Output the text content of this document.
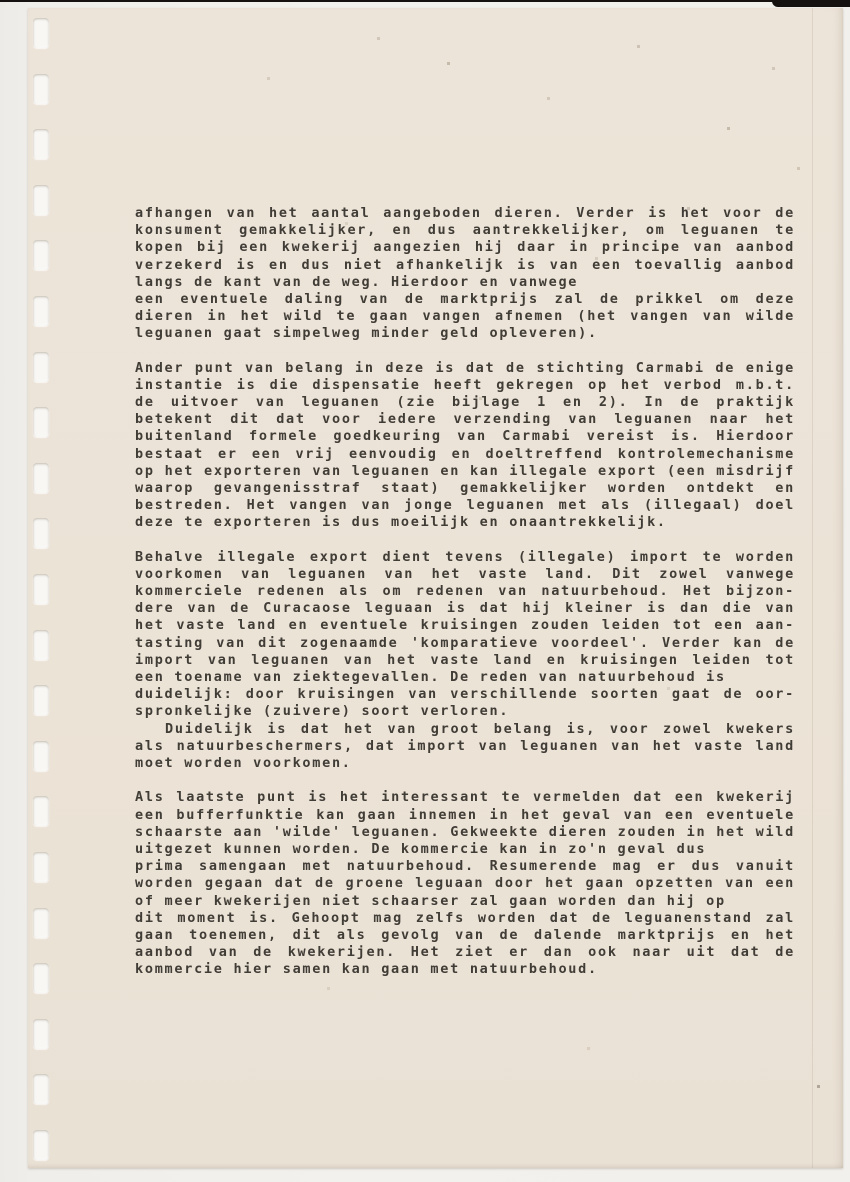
afhangen van het aantal aangeboden dieren. Verder is het voor de
konsument gemakkelijker, en dus aantrekkelijker, om leguanen te
kopen bij een kwekerij aangezien hij daar in principe van aanbod
verzekerd is en dus niet afhankelijk is van een toevallig aanbod
langs de kant van de weg. Hierdoor en vanwege
een eventuele daling van de marktprijs zal de prikkel om deze
dieren in het wild te gaan vangen afnemen (het vangen van wilde
leguanen gaat simpelweg minder geld opleveren).
Ander punt van belang in deze is dat de stichting Carmabi de enige
instantie is die dispensatie heeft gekregen op het verbod m.b.t.
de uitvoer van leguanen (zie bijlage 1 en 2). In de praktijk
betekent dit dat voor iedere verzending van leguanen naar het
buitenland formele goedkeuring van Carmabi vereist is. Hierdoor
bestaat er een vrij eenvoudig en doeltreffend kontrolemechanisme
op het exporteren van leguanen en kan illegale export (een misdrijf
waarop gevangenisstraf staat) gemakkelijker worden ontdekt en
bestreden. Het vangen van jonge leguanen met als (illegaal) doel
deze te exporteren is dus moeilijk en onaantrekkelijk.
Behalve illegale export dient tevens (illegale) import te worden
voorkomen van leguanen van het vaste land. Dit zowel vanwege
kommerciele redenen als om redenen van natuurbehoud. Het bijzon-
dere van de Curacaose leguaan is dat hij kleiner is dan die van
het vaste land en eventuele kruisingen zouden leiden tot een aan-
tasting van dit zogenaamde 'komparatieve voordeel'. Verder kan de
import van leguanen van het vaste land en kruisingen leiden tot
een toename van ziektegevallen. De reden van natuurbehoud is
duidelijk: door kruisingen van verschillende soorten gaat de oor-
spronkelijke (zuivere) soort verloren.
Duidelijk is dat het van groot belang is, voor zowel kwekers
als natuurbeschermers, dat import van leguanen van het vaste land
moet worden voorkomen.
Als laatste punt is het interessant te vermelden dat een kwekerij
een bufferfunktie kan gaan innemen in het geval van een eventuele
schaarste aan 'wilde' leguanen. Gekweekte dieren zouden in het wild
uitgezet kunnen worden. De kommercie kan in zo'n geval dus
prima samengaan met natuurbehoud. Resumerende mag er dus vanuit
worden gegaan dat de groene leguaan door het gaan opzetten van een
of meer kwekerijen niet schaarser zal gaan worden dan hij op
dit moment is. Gehoopt mag zelfs worden dat de leguanenstand zal
gaan toenemen, dit als gevolg van de dalende marktprijs en het
aanbod van de kwekerijen. Het ziet er dan ook naar uit dat de
kommercie hier samen kan gaan met natuurbehoud.
